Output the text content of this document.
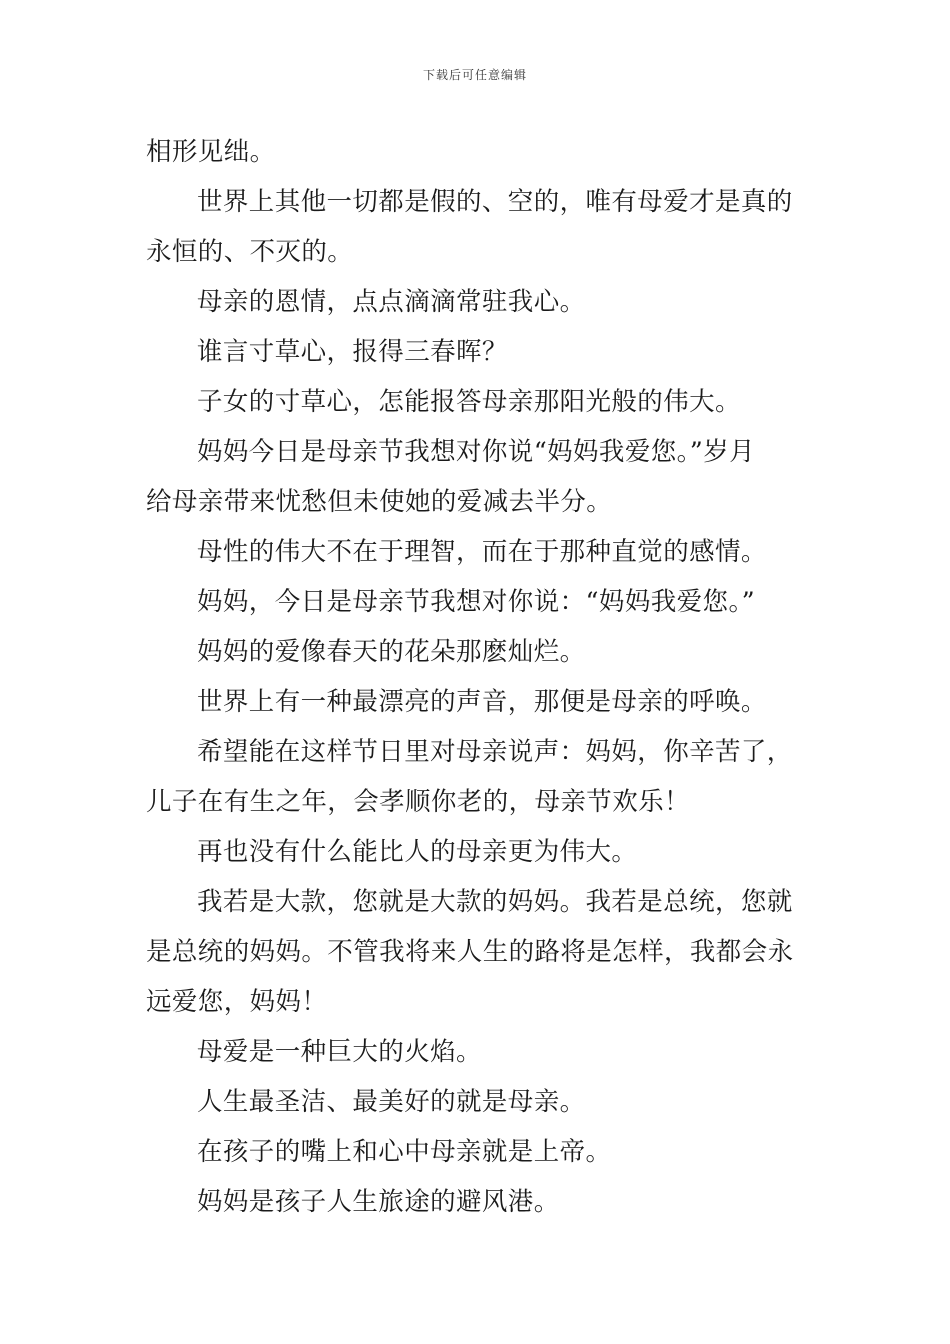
下载后可任意编辑
相形见绌。
世界上其他一切都是假的、空的，唯有母爱才是真的
永恒的、不灭的。
母亲的恩情，点点滴滴常驻我心。
谁言寸草心，报得三春晖？
子女的寸草心，怎能报答母亲那阳光般的伟大。
妈妈今日是母亲节我想对你说“妈妈我爱您。”岁月
给母亲带来忧愁但未使她的爱减去半分。
母性的伟大不在于理智，而在于那种直觉的感情。
妈妈，今日是母亲节我想对你说：“妈妈我爱您。”
妈妈的爱像春天的花朵那麽灿烂。
世界上有一种最漂亮的声音，那便是母亲的呼唤。
希望能在这样节日里对母亲说声：妈妈，你辛苦了，
儿子在有生之年，会孝顺你老的，母亲节欢乐！
再也没有什么能比人的母亲更为伟大。
我若是大款，您就是大款的妈妈。我若是总统，您就
是总统的妈妈。不管我将来人生的路将是怎样，我都会永
远爱您，妈妈！
母爱是一种巨大的火焰。
人生最圣洁、最美好的就是母亲。
在孩子的嘴上和心中母亲就是上帝。
妈妈是孩子人生旅途的避风港。
